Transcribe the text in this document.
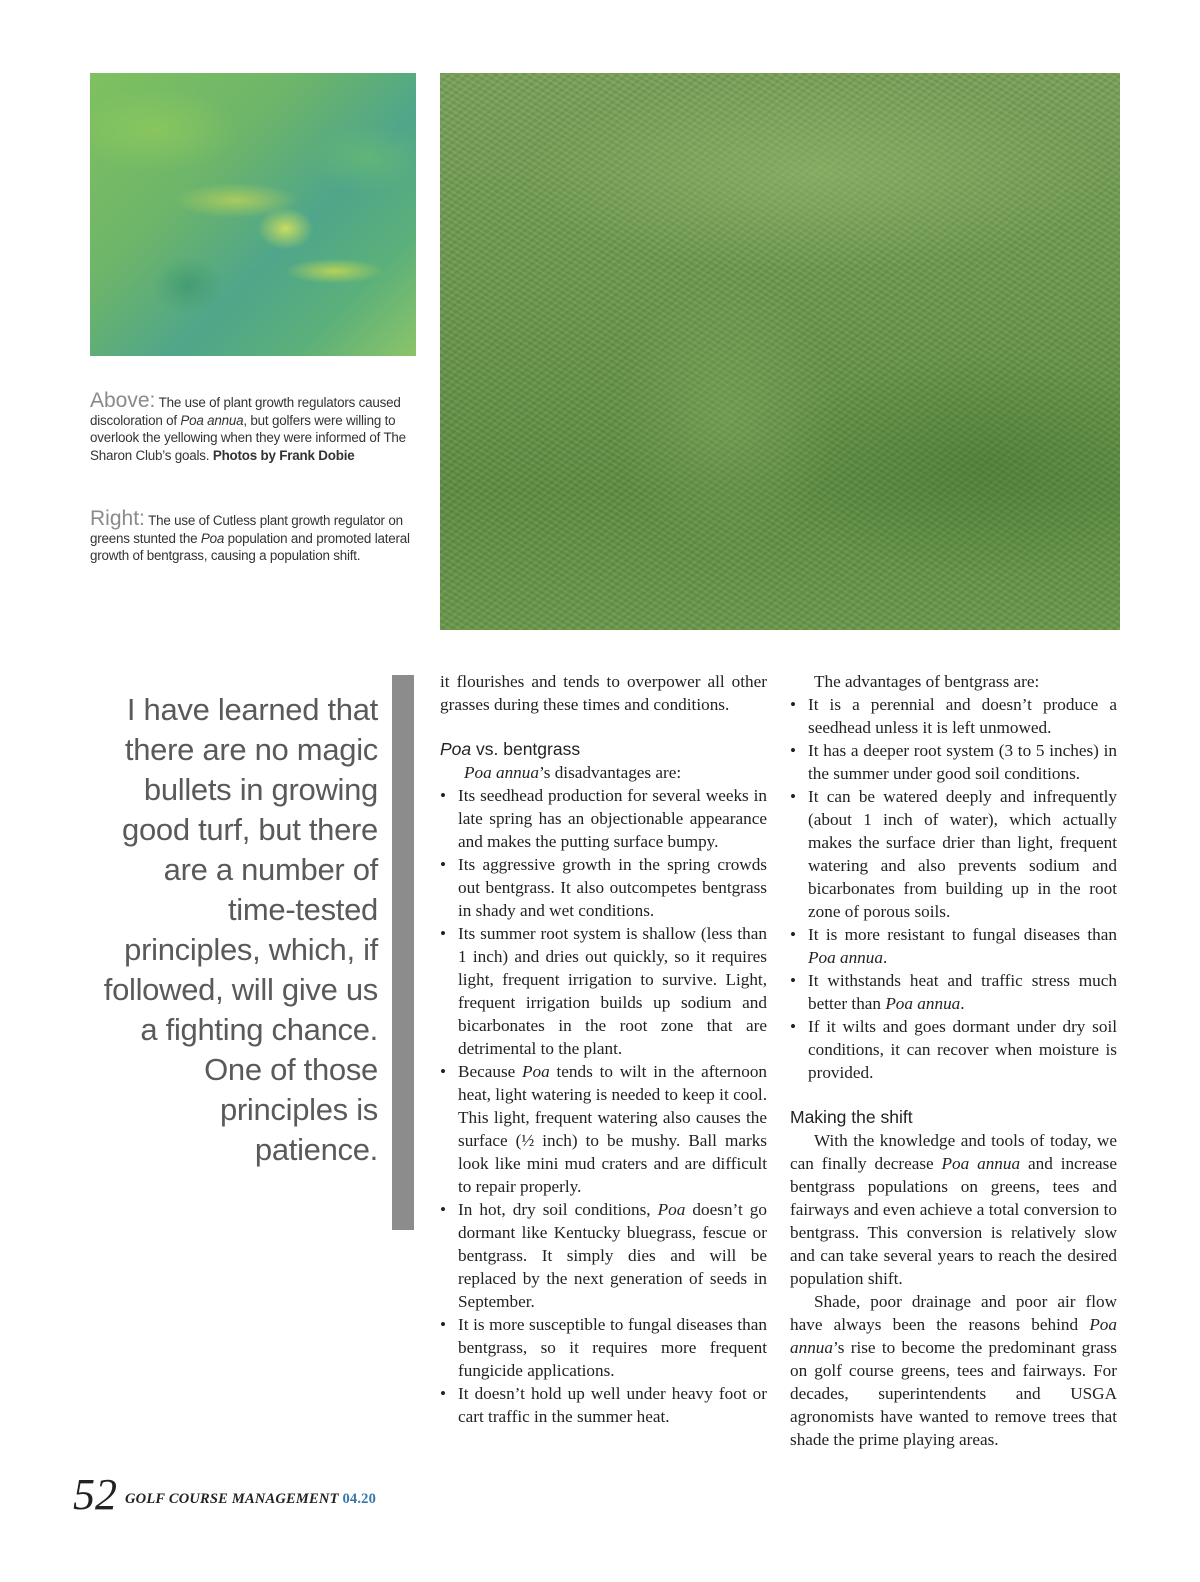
Above: The use of plant growth regulators caused discoloration of Poa annua, but golfers were willing to overlook the yellowing when they were informed of The Sharon Club’s goals. Photos by Frank Dobie
Right: The use of Cutless plant growth regulator on greens stunted the Poa population and promoted lateral growth of bentgrass, causing a population shift.
I have learned that there are no magic bullets in growing good turf, but there are a number of time-tested principles, which, if followed, will give us a fighting chance. One of those principles is patience.

it flourishes and tends to overpower all other grasses during these times and conditions.

Poa vs. bentgrass

Poa annua’s disadvantages are:

• Its seedhead production for several weeks in late spring has an objectionable appearance and makes the putting surface bumpy.
• Its aggressive growth in the spring crowds out bentgrass. It also outcompetes bentgrass in shady and wet conditions.
• Its summer root system is shallow (less than 1 inch) and dries out quickly, so it requires light, frequent irrigation to survive. Light, frequent irrigation builds up sodium and bicarbonates in the root zone that are detrimental to the plant.
• Because Poa tends to wilt in the afternoon heat, light watering is needed to keep it cool. This light, frequent watering also causes the surface (½ inch) to be mushy. Ball marks look like mini mud craters and are difficult to repair properly.
• In hot, dry soil conditions, Poa doesn’t go dormant like Kentucky bluegrass, fescue or bentgrass. It simply dies and will be replaced by the next generation of seeds in September.
• It is more susceptible to fungal diseases than bentgrass, so it requires more frequent fungicide applications.
• It doesn’t hold up well under heavy foot or cart traffic in the summer heat.

The advantages of bentgrass are:

• It is a perennial and doesn’t produce a seedhead unless it is left unmowed.
• It has a deeper root system (3 to 5 inches) in the summer under good soil conditions.
• It can be watered deeply and infrequently (about 1 inch of water), which actually makes the surface drier than light, frequent watering and also prevents sodium and bicarbonates from building up in the root zone of porous soils.
• It is more resistant to fungal diseases than Poa annua.
• It withstands heat and traffic stress much better than Poa annua.
• If it wilts and goes dormant under dry soil conditions, it can recover when moisture is provided.
Making the shift

With the knowledge and tools of today, we can finally decrease Poa annua and increase bentgrass populations on greens, tees and fairways and even achieve a total conversion to bentgrass. This conversion is relatively slow and can take several years to reach the desired population shift.

Shade, poor drainage and poor air flow have always been the reasons behind Poa annua’s rise to become the predominant grass on golf course greens, tees and fairways. For decades, superintendents and USGA agronomists have wanted to remove trees that shade the prime playing areas.

52 GOLF COURSE MANAGEMENT 04.20
